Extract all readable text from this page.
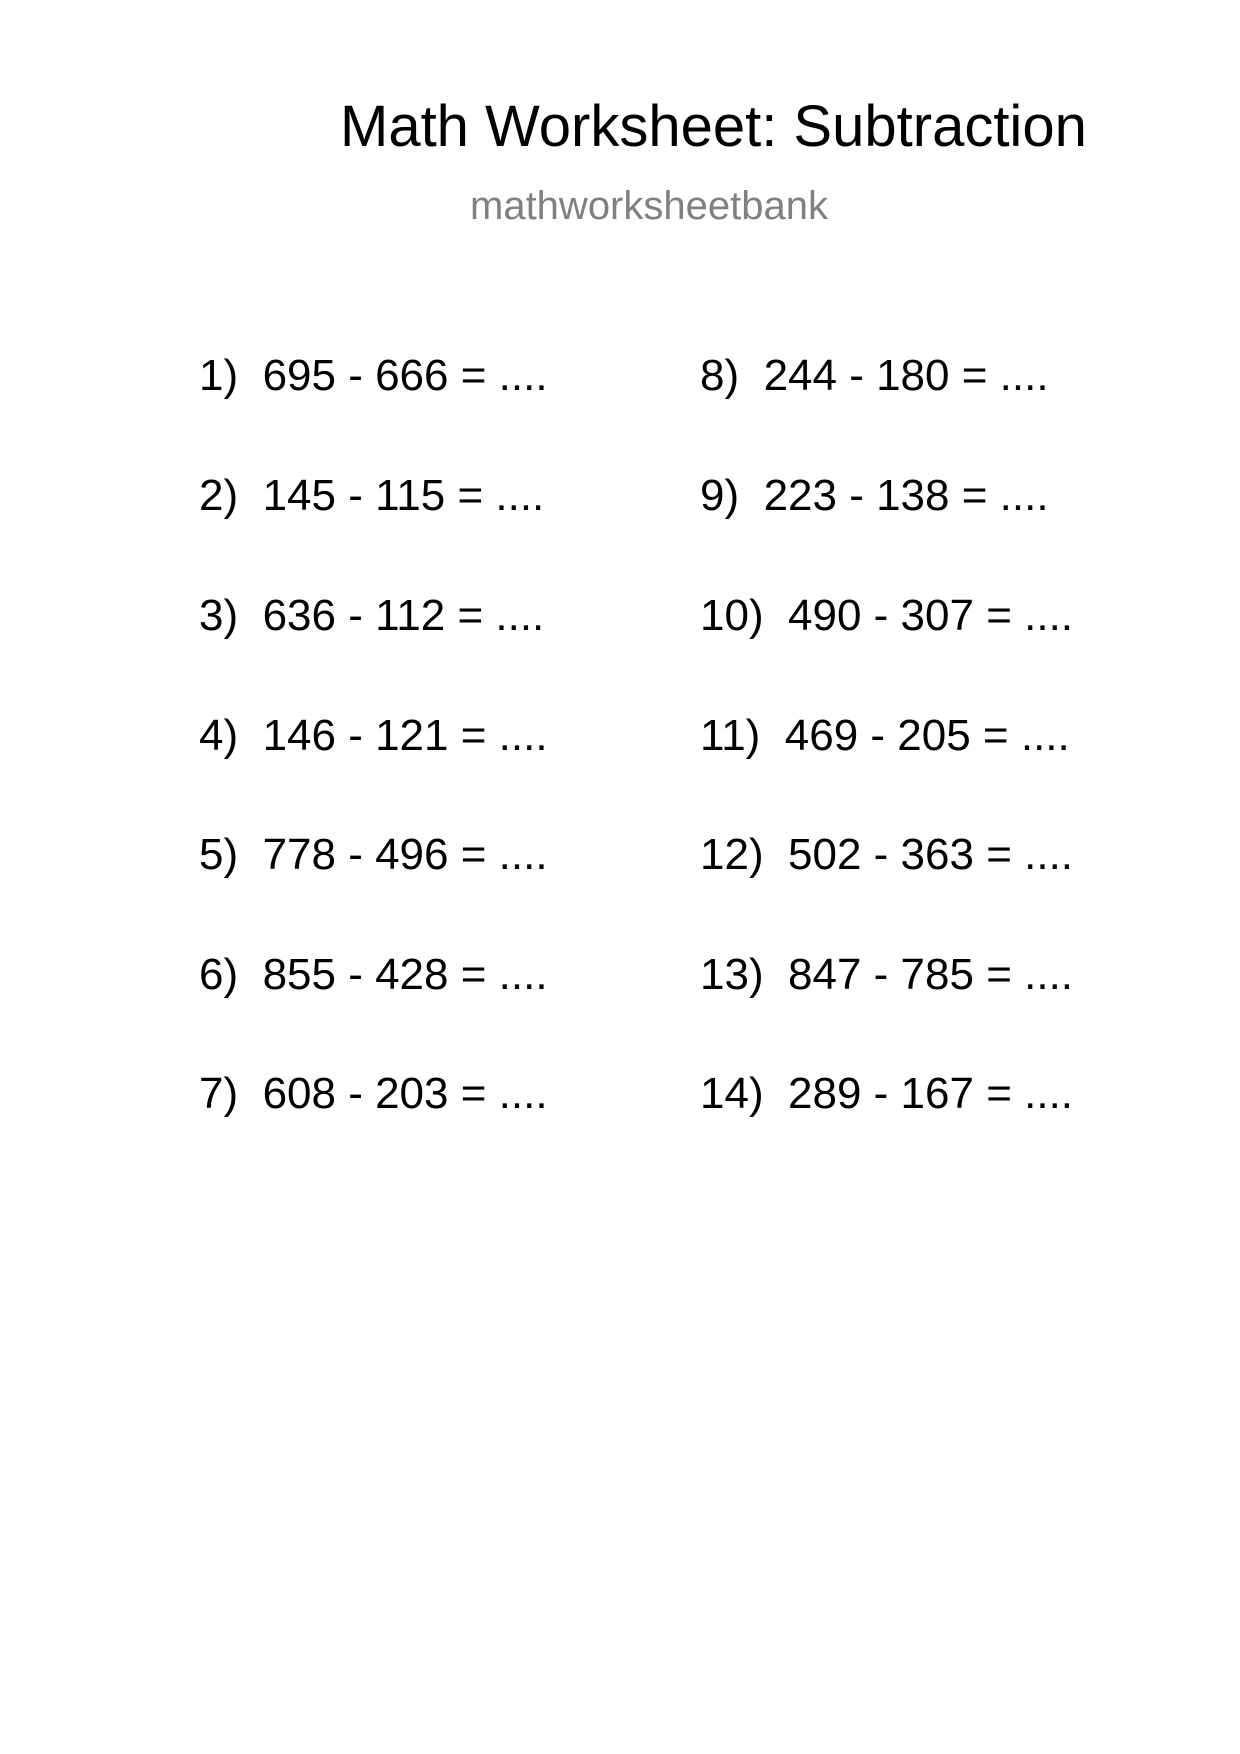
Math Worksheet: Subtraction
mathworksheetbank
1)  695 - 666 = ....
2)  145 - 115 = ....
3)  636 - 112 = ....
4)  146 - 121 = ....
5)  778 - 496 = ....
6)  855 - 428 = ....
7)  608 - 203 = ....
8)  244 - 180 = ....
9)  223 - 138 = ....
10)  490 - 307 = ....
11)  469 - 205 = ....
12)  502 - 363 = ....
13)  847 - 785 = ....
14)  289 - 167 = ....
